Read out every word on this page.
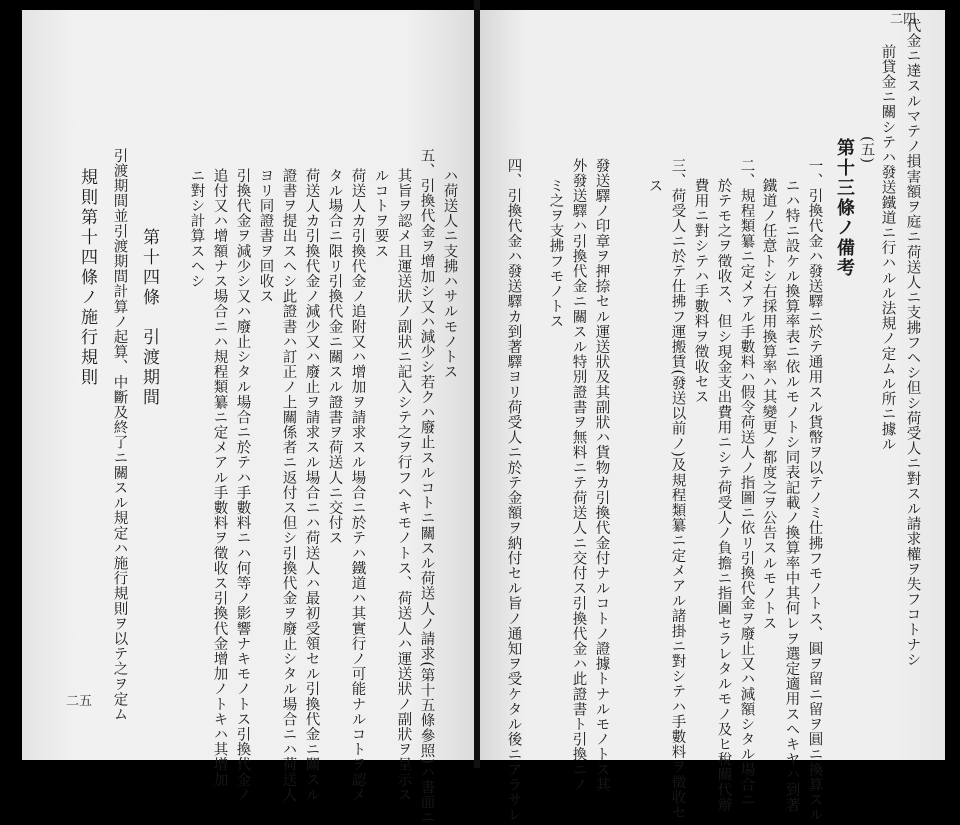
代金ニ達スルマテノ損害額ヲ庭ニ荷送人ニ支拂フヘシ但シ荷受人ニ對スル請求權ヲ失フコトナシ
前貸金ニ關シテハ發送鐵道ニ行ハルル法規ノ定ムル所ニ據ル
(五)
第十三條ノ備考
一、引換代金ハ發送驛ニ於テ通用スル貨幣ヲ以テノミ仕拂フモノトス、圓ヲ留ニ留ヲ圓ニ換算スル
ニハ特ニ設ケル換算率表ニ依ルモノトシ同表記載ノ換算率中其何レヲ選定適用スヘキヤハ到著
鐵道ノ任意トシ右採用換算率ハ其變更ノ都度之ヲ公告スルモノトス
二、規程類纂ニ定メアル手數料ハ假令荷送人ノ指圖ニ依リ引換代金ヲ廢止又ハ減額シタル場合ニ
於テモ之ヲ徵收ス、但シ現金支出費用ニシテ荷受人ノ負擔ニ指圖セラレタルモノ及ヒ稅關代辦
費用ニ對シテハ手數料ヲ徵收セス
三、荷受人ニ於テ仕拂フ運搬賃(發送以前ノ)及規程類纂ニ定メアル諸掛ニ對シテハ手數料ヲ徵收セ
ス
發送驛ノ印章ヲ押捺セル運送狀及其副狀ハ貨物カ引換代金付ナルコトノ證據トナルモノトス其
外發送驛ハ引換代金ニ關スル特別證書ヲ無料ニテ荷送人ニ交付ス引換代金ハ此證書ト引換ニノ
ミ之ヲ支拂フモノトス
四、引換代金ハ發送驛カ到著驛ヨリ荷受人ニ於テ金額ヲ納付セル旨ノ通知ヲ受ケタル後ニアラサレ
二四
ハ荷送人ニ支拂ハサルモノトス
五、引換代金ヲ增加シ又ハ減少シ若クハ廢止スルコトニ關スル荷送人ノ請求(第十五條參照)ハ書面ニ
其旨ヲ認メ且運送狀ノ副狀ニ記入シテ之ヲ行フヘキモノトス、荷送人ハ運送狀ノ副狀ヲ呈示ス
ルコトヲ要ス
荷送人カ引換代金ノ追附又ハ增加ヲ請求スル場合ニ於テハ鐵道ハ其實行ノ可能ナルコトヲ認メ
タル場合ニ限リ引換代金ニ關スル證書ヲ荷送人ニ交付ス
荷送人カ引換代金ノ減少又ハ廢止ヲ請求スル場合ニハ荷送人ハ最初受領セル引換代金ニ關スル
證書ヲ提出スヘシ此證書ハ訂正ノ上關係者ニ返付ス但シ引換代金ヲ廢止シタル場合ニハ荷送人
ヨリ同證書ヲ回收ス
引換代金ヲ減少シ又ハ廢止シタル場合ニ於テハ手數料ニハ何等ノ影響ナキモノトス引換代金ノ
追付又ハ增額ナス場合ニハ規程類纂ニ定メアル手數料ヲ徵收ス引換代金增加ノトキハ其增加
ニ對シ計算スヘシ
第十四條　引渡期間
引渡期間並引渡期間計算ノ起算、中斷及終了ニ關スル規定ハ施行規則ヲ以テ之ヲ定ム
規則第十四條ノ施行規則
二五
